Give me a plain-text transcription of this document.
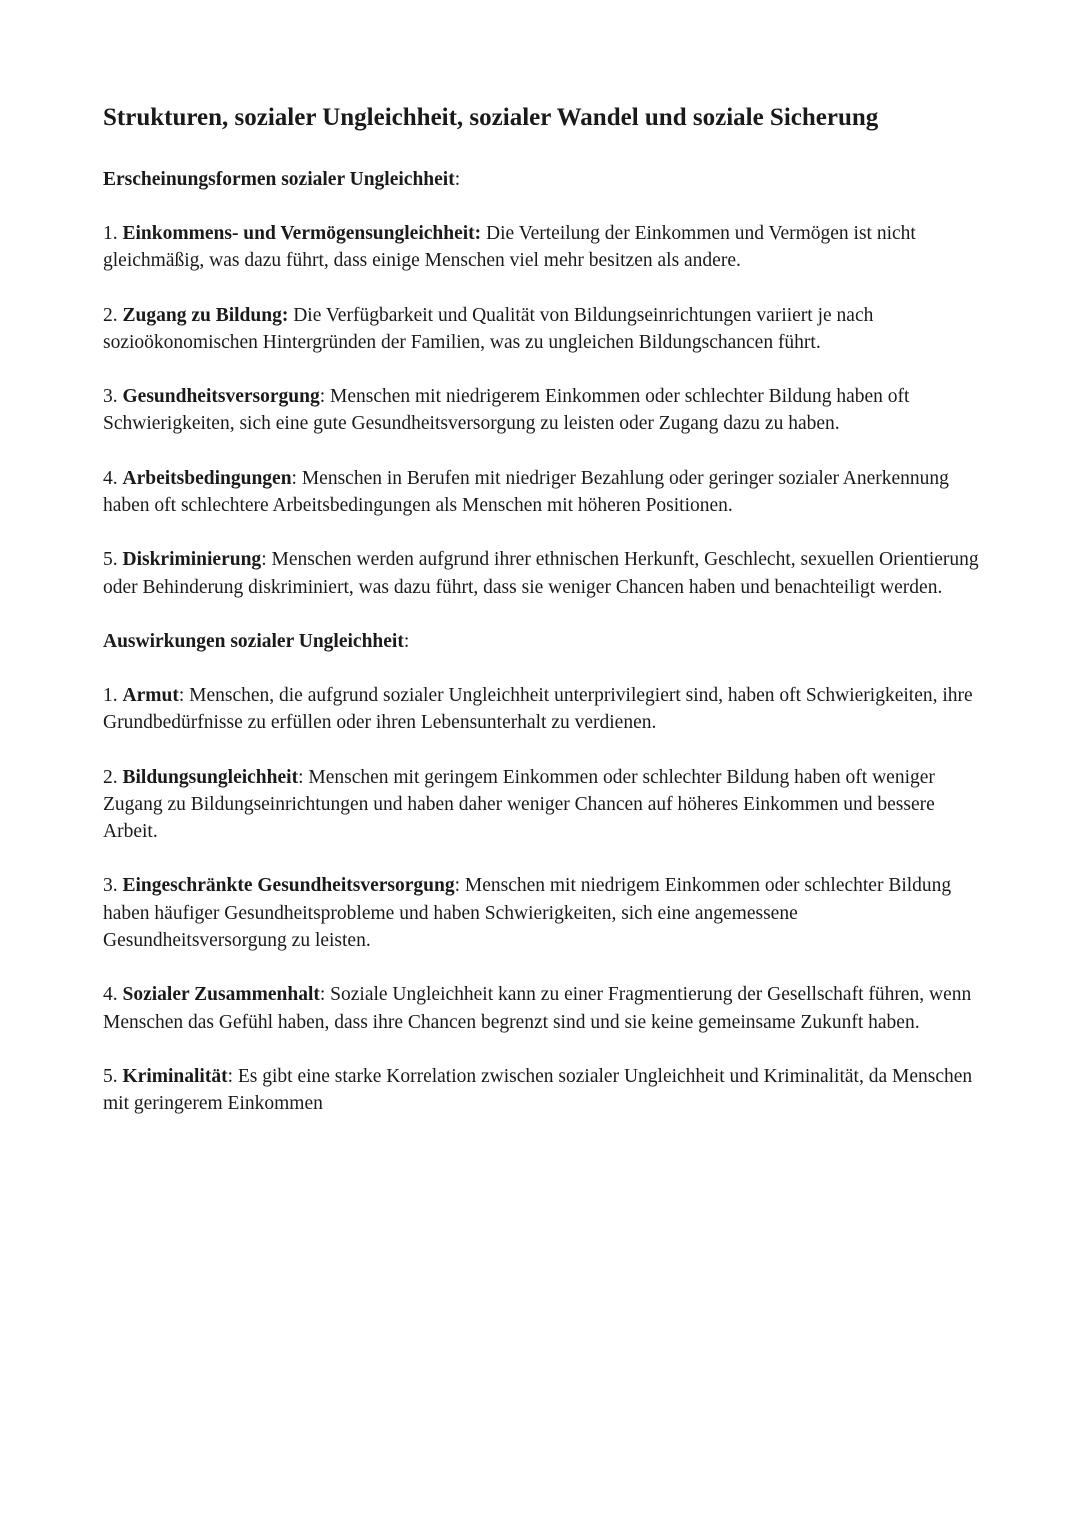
Strukturen, sozialer Ungleichheit, sozialer Wandel und soziale Sicherung

Erscheinungsformen sozialer Ungleichheit:

1. Einkommens- und Vermögensungleichheit: Die Verteilung der Einkommen und Vermögen ist nicht gleichmäßig, was dazu führt, dass einige Menschen viel mehr besitzen als andere.

2. Zugang zu Bildung: Die Verfügbarkeit und Qualität von Bildungseinrichtungen variiert je nach sozioökonomischen Hintergründen der Familien, was zu ungleichen Bildungschancen führt.

3. Gesundheitsversorgung: Menschen mit niedrigerem Einkommen oder schlechter Bildung haben oft Schwierigkeiten, sich eine gute Gesundheitsversorgung zu leisten oder Zugang dazu zu haben.

4. Arbeitsbedingungen: Menschen in Berufen mit niedriger Bezahlung oder geringer sozialer Anerkennung haben oft schlechtere Arbeitsbedingungen als Menschen mit höheren Positionen.

5. Diskriminierung: Menschen werden aufgrund ihrer ethnischen Herkunft, Geschlecht, sexuellen Orientierung oder Behinderung diskriminiert, was dazu führt, dass sie weniger Chancen haben und benachteiligt werden.

Auswirkungen sozialer Ungleichheit:

1. Armut: Menschen, die aufgrund sozialer Ungleichheit unterprivilegiert sind, haben oft Schwierigkeiten, ihre Grundbedürfnisse zu erfüllen oder ihren Lebensunterhalt zu verdienen.

2. Bildungsungleichheit: Menschen mit geringem Einkommen oder schlechter Bildung haben oft weniger Zugang zu Bildungseinrichtungen und haben daher weniger Chancen auf höheres Einkommen und bessere Arbeit.

3. Eingeschränkte Gesundheitsversorgung: Menschen mit niedrigem Einkommen oder schlechter Bildung haben häufiger Gesundheitsprobleme und haben Schwierigkeiten, sich eine angemessene Gesundheitsversorgung zu leisten.

4. Sozialer Zusammenhalt: Soziale Ungleichheit kann zu einer Fragmentierung der Gesellschaft führen, wenn Menschen das Gefühl haben, dass ihre Chancen begrenzt sind und sie keine gemeinsame Zukunft haben.

5. Kriminalität: Es gibt eine starke Korrelation zwischen sozialer Ungleichheit und Kriminalität, da Menschen mit geringerem Einkommen
